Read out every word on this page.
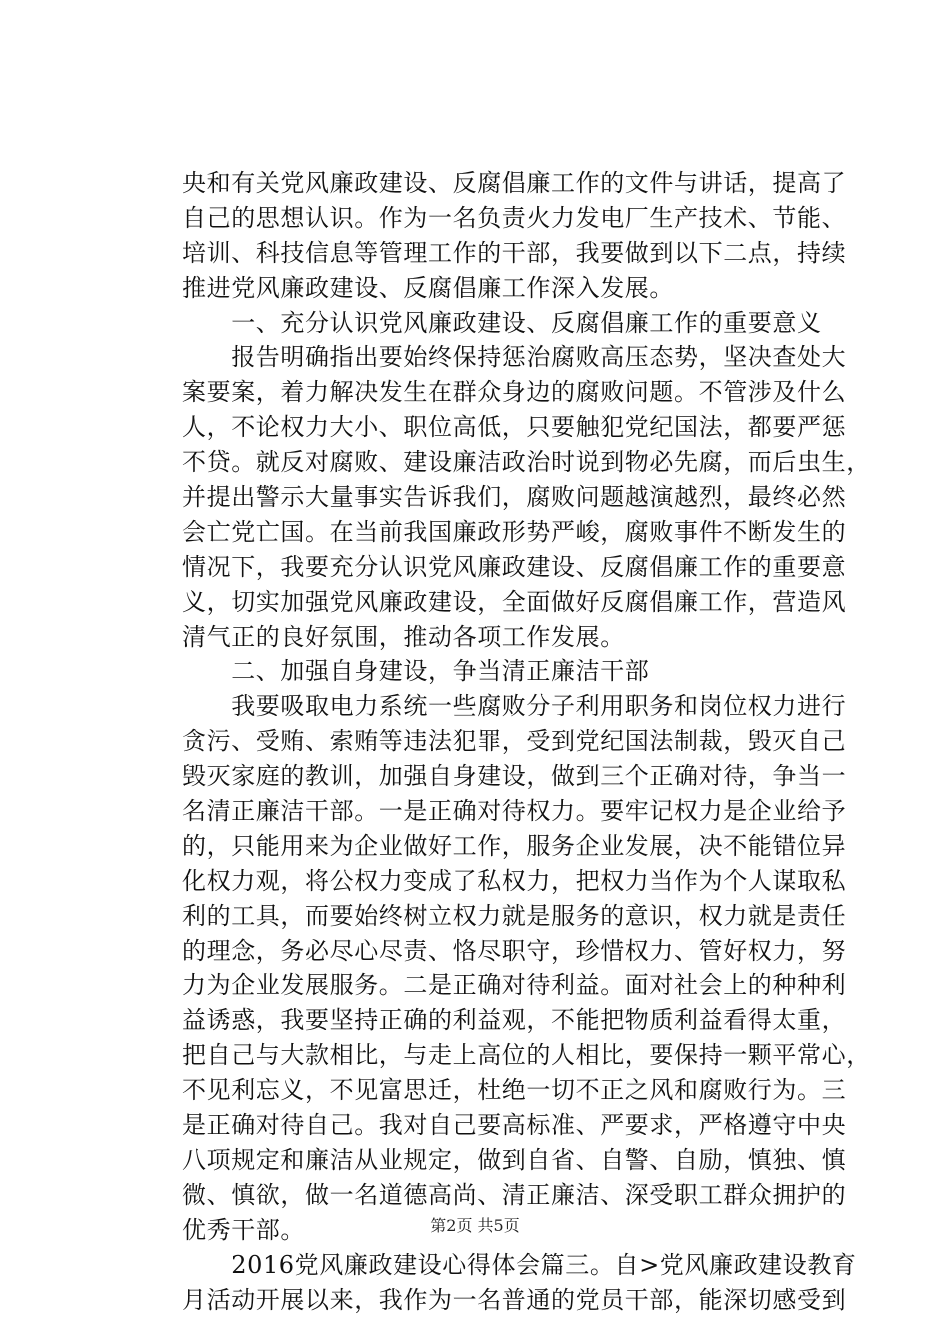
央和有关党风廉政建设、反腐倡廉工作的文件与讲话，提高了
自己的思想认识。作为一名负责火力发电厂生产技术、节能、
培训、科技信息等管理工作的干部，我要做到以下二点，持续
推进党风廉政建设、反腐倡廉工作深入发展。
　　一、充分认识党风廉政建设、反腐倡廉工作的重要意义
　　报告明确指出要始终保持惩治腐败高压态势，坚决查处大
案要案，着力解决发生在群众身边的腐败问题。不管涉及什么
人，不论权力大小、职位高低，只要触犯党纪国法，都要严惩
不贷。就反对腐败、建设廉洁政治时说到物必先腐，而后虫生，
并提出警示大量事实告诉我们，腐败问题越演越烈，最终必然
会亡党亡国。在当前我国廉政形势严峻，腐败事件不断发生的
情况下，我要充分认识党风廉政建设、反腐倡廉工作的重要意
义，切实加强党风廉政建设，全面做好反腐倡廉工作，营造风
清气正的良好氛围，推动各项工作发展。
　　二、加强自身建设，争当清正廉洁干部
　　我要吸取电力系统一些腐败分子利用职务和岗位权力进行
贪污、受贿、索贿等违法犯罪，受到党纪国法制裁，毁灭自己
毁灭家庭的教训，加强自身建设，做到三个正确对待，争当一
名清正廉洁干部。一是正确对待权力。要牢记权力是企业给予
的，只能用来为企业做好工作，服务企业发展，决不能错位异
化权力观，将公权力变成了私权力，把权力当作为个人谋取私
利的工具，而要始终树立权力就是服务的意识，权力就是责任
的理念，务必尽心尽责、恪尽职守，珍惜权力、管好权力，努
力为企业发展服务。二是正确对待利益。面对社会上的种种利
益诱惑，我要坚持正确的利益观，不能把物质利益看得太重，
把自己与大款相比，与走上高位的人相比，要保持一颗平常心，
不见利忘义，不见富思迁，杜绝一切不正之风和腐败行为。三
是正确对待自己。我对自己要高标准、严要求，严格遵守中央
八项规定和廉洁从业规定，做到自省、自警、自励，慎独、慎
微、慎欲，做一名道德高尚、清正廉洁、深受职工群众拥护的
优秀干部。
　　2016党风廉政建设心得体会篇三。自>党风廉政建设教育
月活动开展以来，我作为一名普通的党员干部，能深切感受到
第2页 共5页
